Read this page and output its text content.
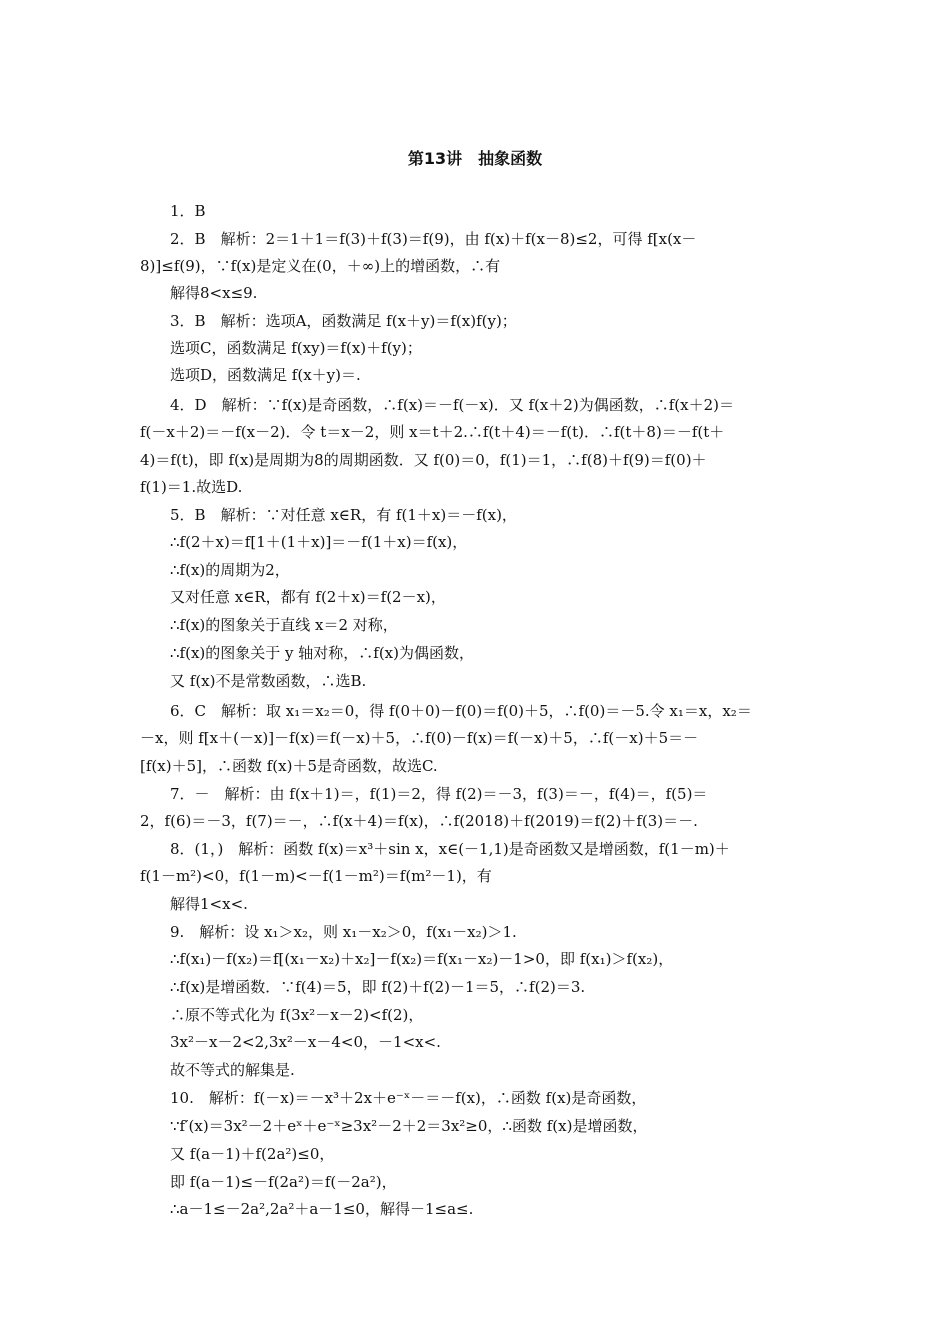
第13讲　抽象函数
1．B
2．B　解析：2＝1＋1＝f(3)＋f(3)＝f(9)，由 f(x)＋f(x－8)≤2，可得 f[x(x－
8)]≤f(9)，∵f(x)是定义在(0，＋∞)上的增函数，∴有
解得8<x≤9.
3．B　解析：选项A，函数满足 f(x＋y)＝f(x)f(y)；
选项C，函数满足 f(xy)＝f(x)＋f(y)；
选项D，函数满足 f(x＋y)＝.
4．D　解析：∵f(x)是奇函数，∴f(x)＝－f(－x)．又 f(x＋2)为偶函数，∴f(x＋2)＝
f(－x＋2)＝－f(x－2)．令 t＝x－2，则 x＝t＋2.∴f(t＋4)＝－f(t)．∴f(t＋8)＝－f(t＋
4)＝f(t)，即 f(x)是周期为8的周期函数．又 f(0)＝0，f(1)＝1，∴f(8)＋f(9)＝f(0)＋
f(1)＝1.故选D.
5．B　解析：∵对任意 x∈R，有 f(1＋x)＝－f(x)，
∴f(2＋x)＝f[1＋(1＋x)]＝－f(1＋x)＝f(x)，
∴f(x)的周期为2，
又对任意 x∈R，都有 f(2＋x)＝f(2－x)，
∴f(x)的图象关于直线 x＝2 对称，
∴f(x)的图象关于 y 轴对称，∴f(x)为偶函数，
又 f(x)不是常数函数，∴选B.
6．C　解析：取 x₁＝x₂＝0，得 f(0＋0)－f(0)＝f(0)＋5，∴f(0)＝－5.令 x₁＝x，x₂＝
－x，则 f[x＋(－x)]－f(x)＝f(－x)＋5，∴f(0)－f(x)＝f(－x)＋5，∴f(－x)＋5＝－
[f(x)＋5]，∴函数 f(x)＋5是奇函数，故选C.
7．－　解析：由 f(x＋1)＝，f(1)＝2，得 f(2)＝－3，f(3)＝－，f(4)＝，f(5)＝
2，f(6)＝－3，f(7)＝－，∴f(x＋4)＝f(x)，∴f(2018)＋f(2019)＝f(2)＋f(3)＝－.
8．(1，)　解析：函数 f(x)＝x³＋sin x，x∈(－1,1)是奇函数又是增函数，f(1－m)＋
f(1－m²)<0，f(1－m)<－f(1－m²)＝f(m²－1)，有
解得1<x<.
9.　解析：设 x₁＞x₂，则 x₁－x₂＞0，f(x₁－x₂)＞1.
∴f(x₁)－f(x₂)＝f[(x₁－x₂)＋x₂]－f(x₂)＝f(x₁－x₂)－1>0，即 f(x₁)＞f(x₂)，
∴f(x)是增函数．∵f(4)＝5，即 f(2)＋f(2)－1＝5，∴f(2)＝3.
∴原不等式化为 f(3x²－x－2)<f(2)，
3x²－x－2<2,3x²－x－4<0，－1<x<.
故不等式的解集是.
10.　解析：f(－x)＝－x³＋2x＋e⁻ˣ－＝－f(x)，∴函数 f(x)是奇函数，
∵f′(x)＝3x²－2＋eˣ＋e⁻ˣ≥3x²－2＋2＝3x²≥0，∴函数 f(x)是增函数，
又 f(a－1)＋f(2a²)≤0，
即 f(a－1)≤－f(2a²)＝f(－2a²)，
∴a－1≤－2a²,2a²＋a－1≤0，解得－1≤a≤.
